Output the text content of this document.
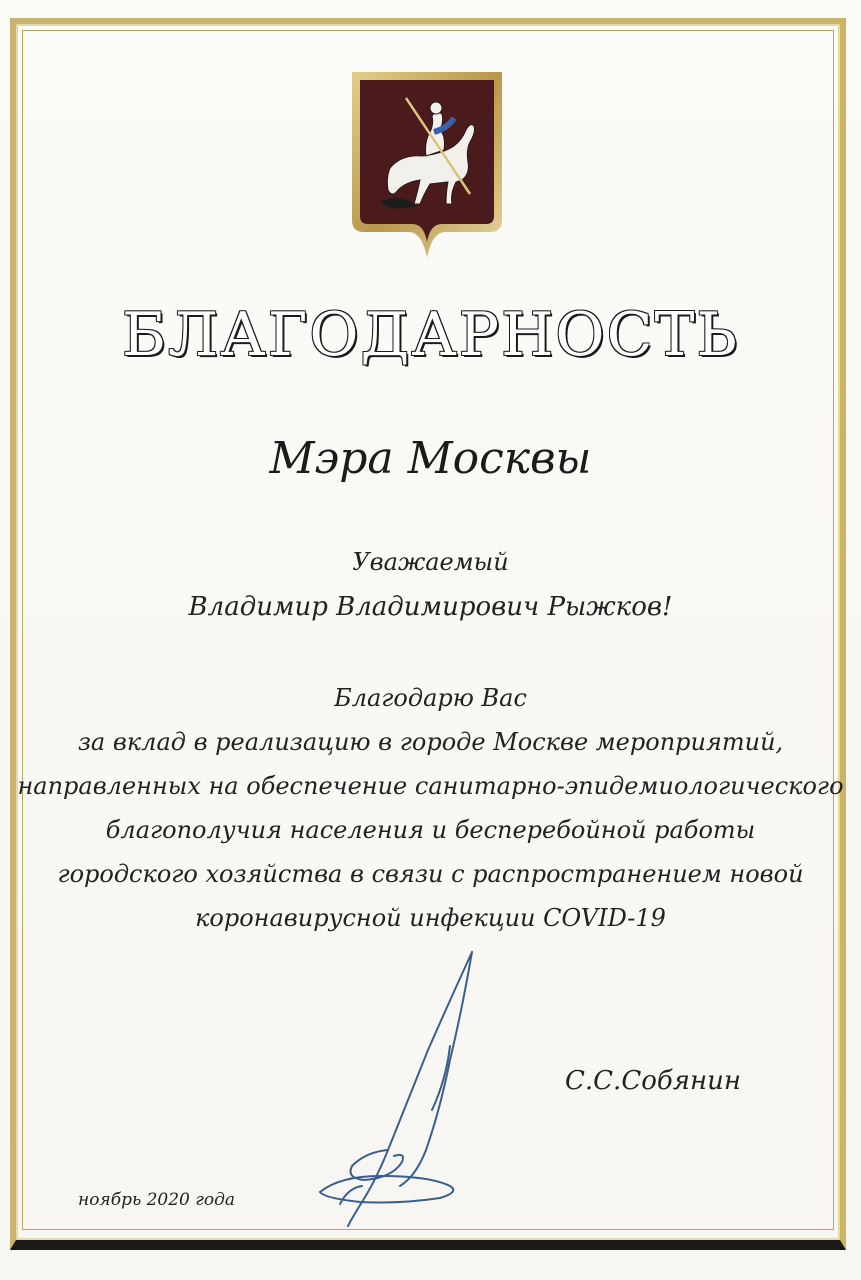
БЛАГОДАРНОСТЬ
Мэра Москвы
Уважаемый
Владимир Владимирович Рыжков!
Благодарю Вас
за вклад в реализацию в городе Москве мероприятий,
направленных на обеспечение санитарно-эпидемиологического
благополучия населения и бесперебойной работы
городского хозяйства в связи с распространением новой
коронавирусной инфекции COVID-19
С.С.Собянин
ноябрь 2020 года
